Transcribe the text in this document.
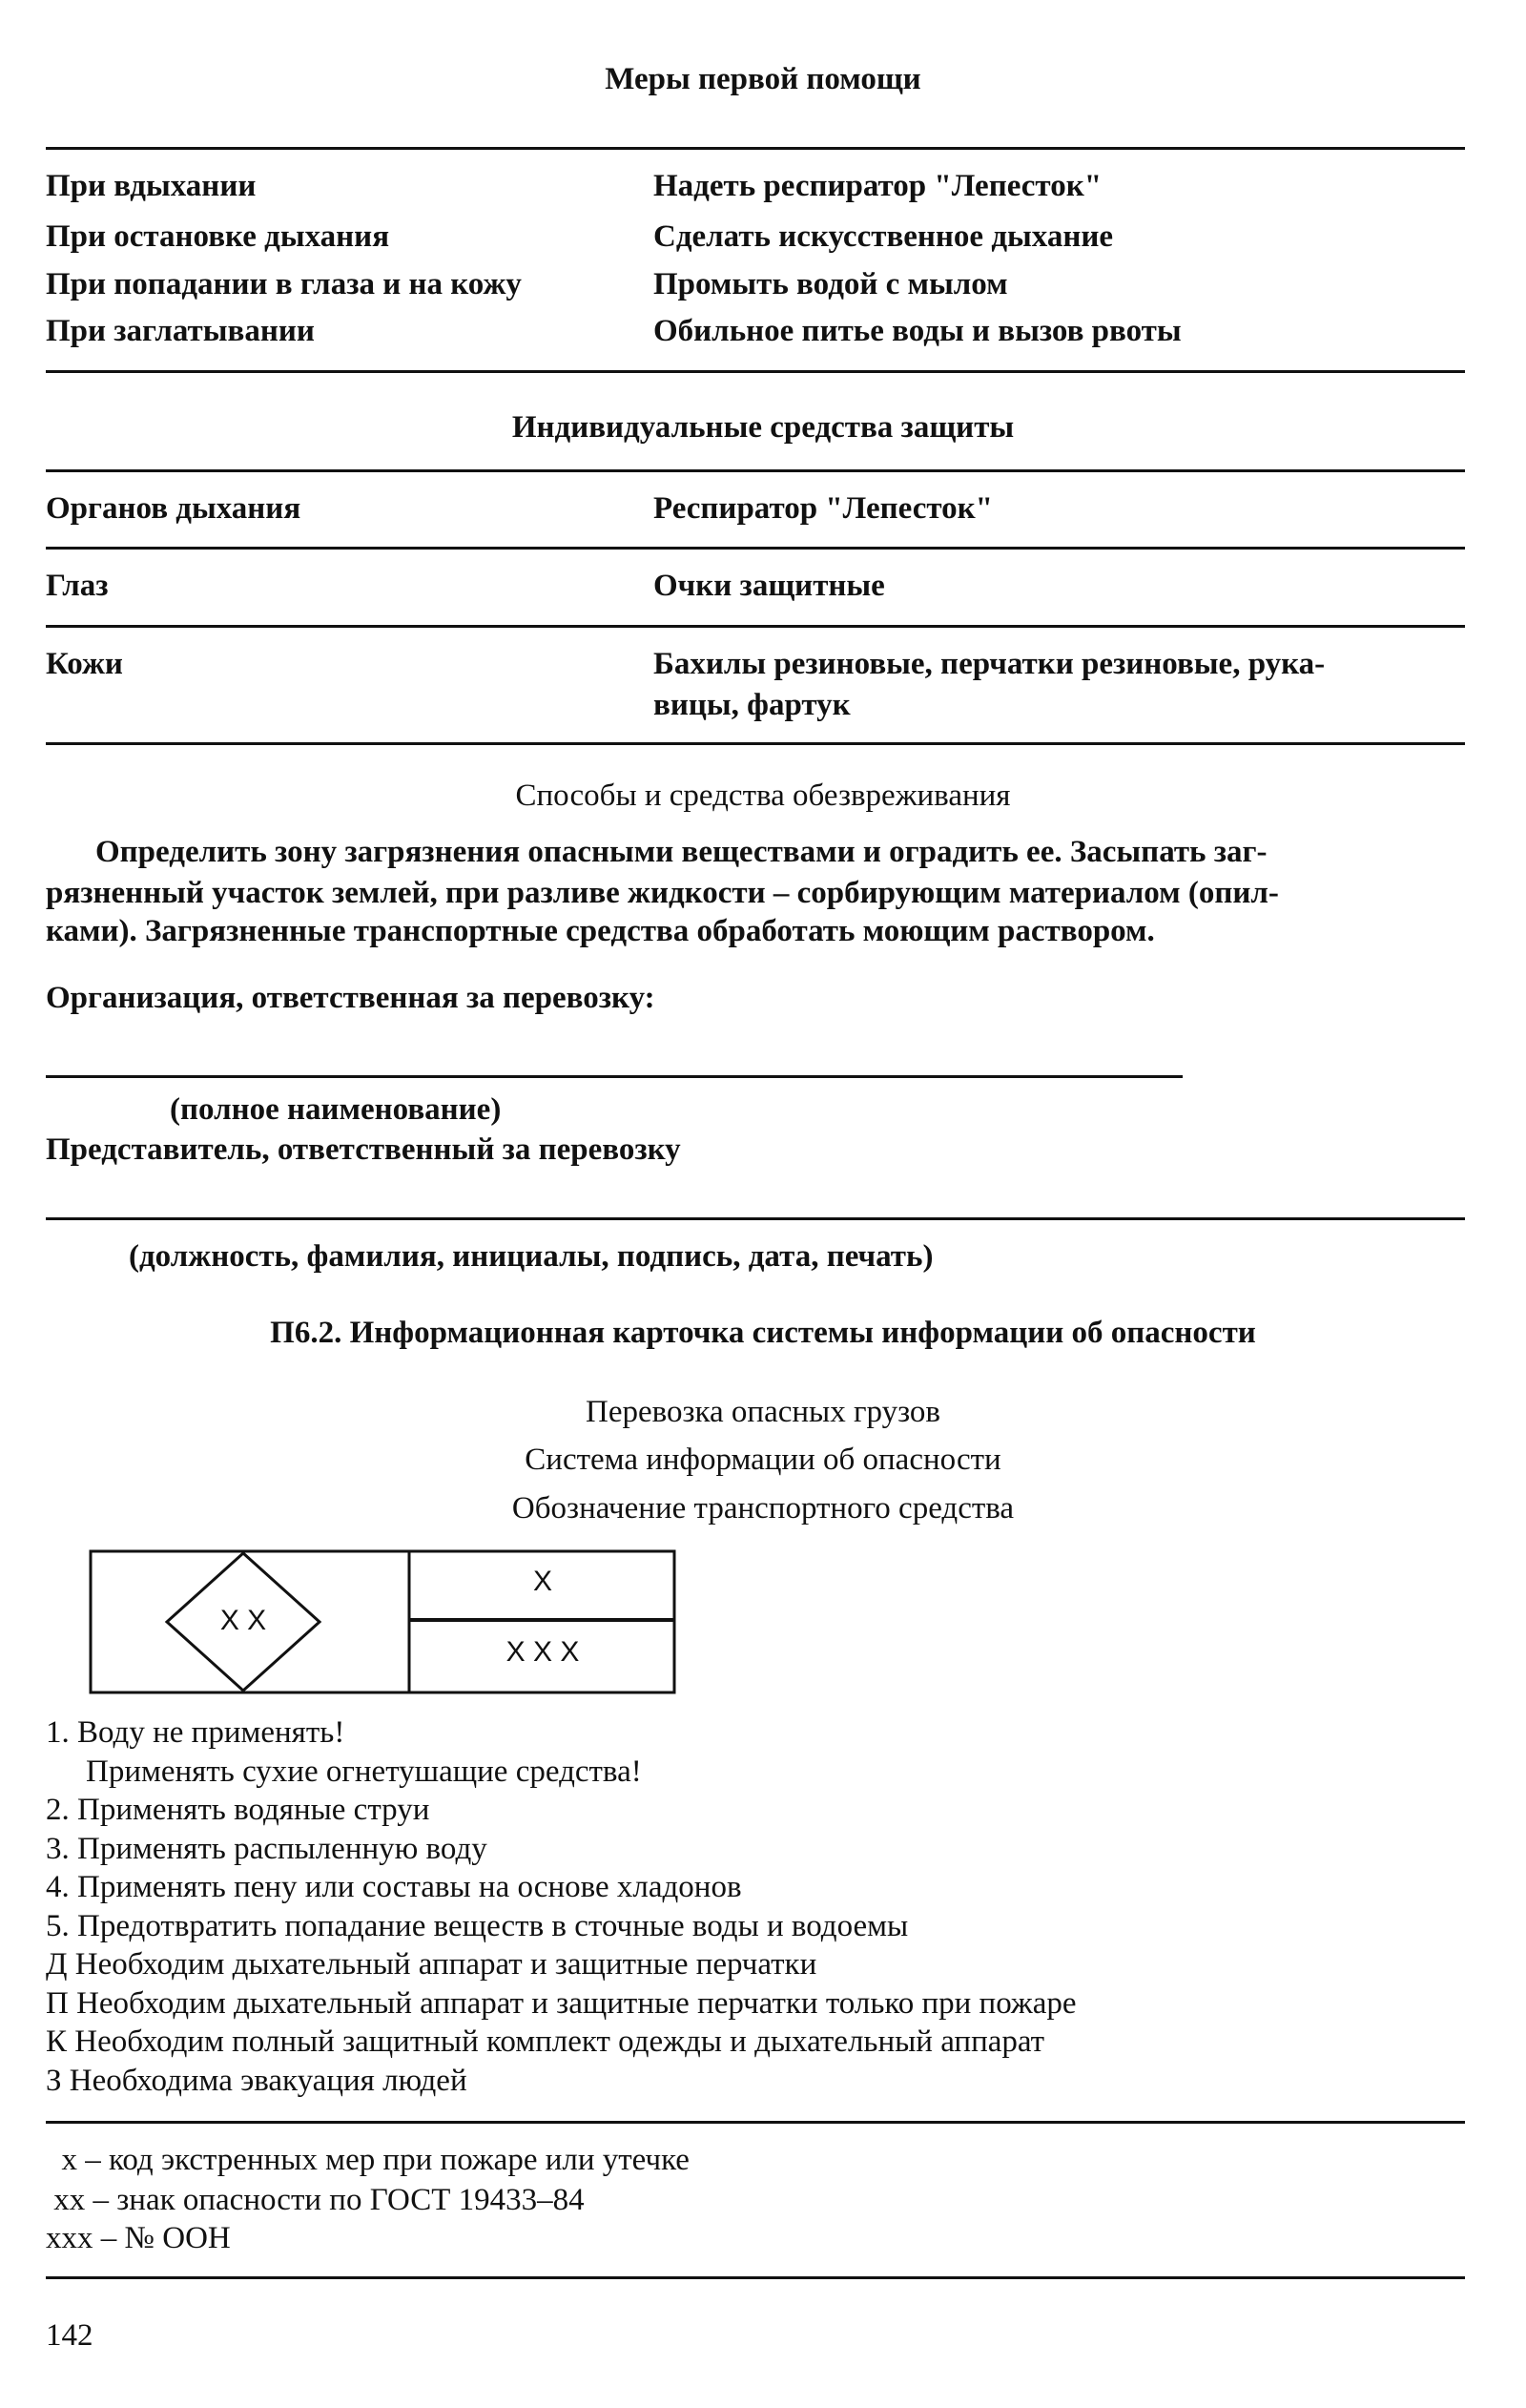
Меры первой помощи
При вдыхании	Надеть респиратор "Лепесток"
При остановке дыхания	Сделать искусственное дыхание
При попадании в глаза и на кожу	Промыть водой с мылом
При заглатывании	Обильное питье воды и вызов рвоты
Индивидуальные средства защиты
Органов дыхания	Респиратор "Лепесток"
Глаз	Очки защитные
Кожи	Бахилы резиновые, перчатки резиновые, рука-
вицы, фартук
Способы и средства обезвреживания
Определить зону загрязнения опасными веществами и оградить ее. Засыпать заг-
рязненный участок землей, при разливе жидкости – сорбирующим материалом (опил-
ками). Загрязненные транспортные средства обработать моющим раствором.
Организация, ответственная за перевозку:
(полное наименование)
Представитель, ответственный за перевозку
(должность, фамилия, инициалы, подпись, дата, печать)
П6.2. Информационная карточка системы информации об опасности
Перевозка опасных грузов
Система информации об опасности
Обозначение транспортного средства
X X
X
X X X
1. Воду не применять!
Применять сухие огнетушащие средства!
2. Применять водяные струи
3. Применять распыленную воду
4. Применять пену или составы на основе хладонов
5. Предотвратить попадание веществ в сточные воды и водоемы
Д Необходим дыхательный аппарат и защитные перчатки
П Необходим дыхательный аппарат и защитные перчатки только при пожаре
К Необходим полный защитный комплект одежды и дыхательный аппарат
З Необходима эвакуация людей
x – код экстренных мер при пожаре или утечке
xx – знак опасности по ГОСТ 19433–84
xxx – № ООН
142
